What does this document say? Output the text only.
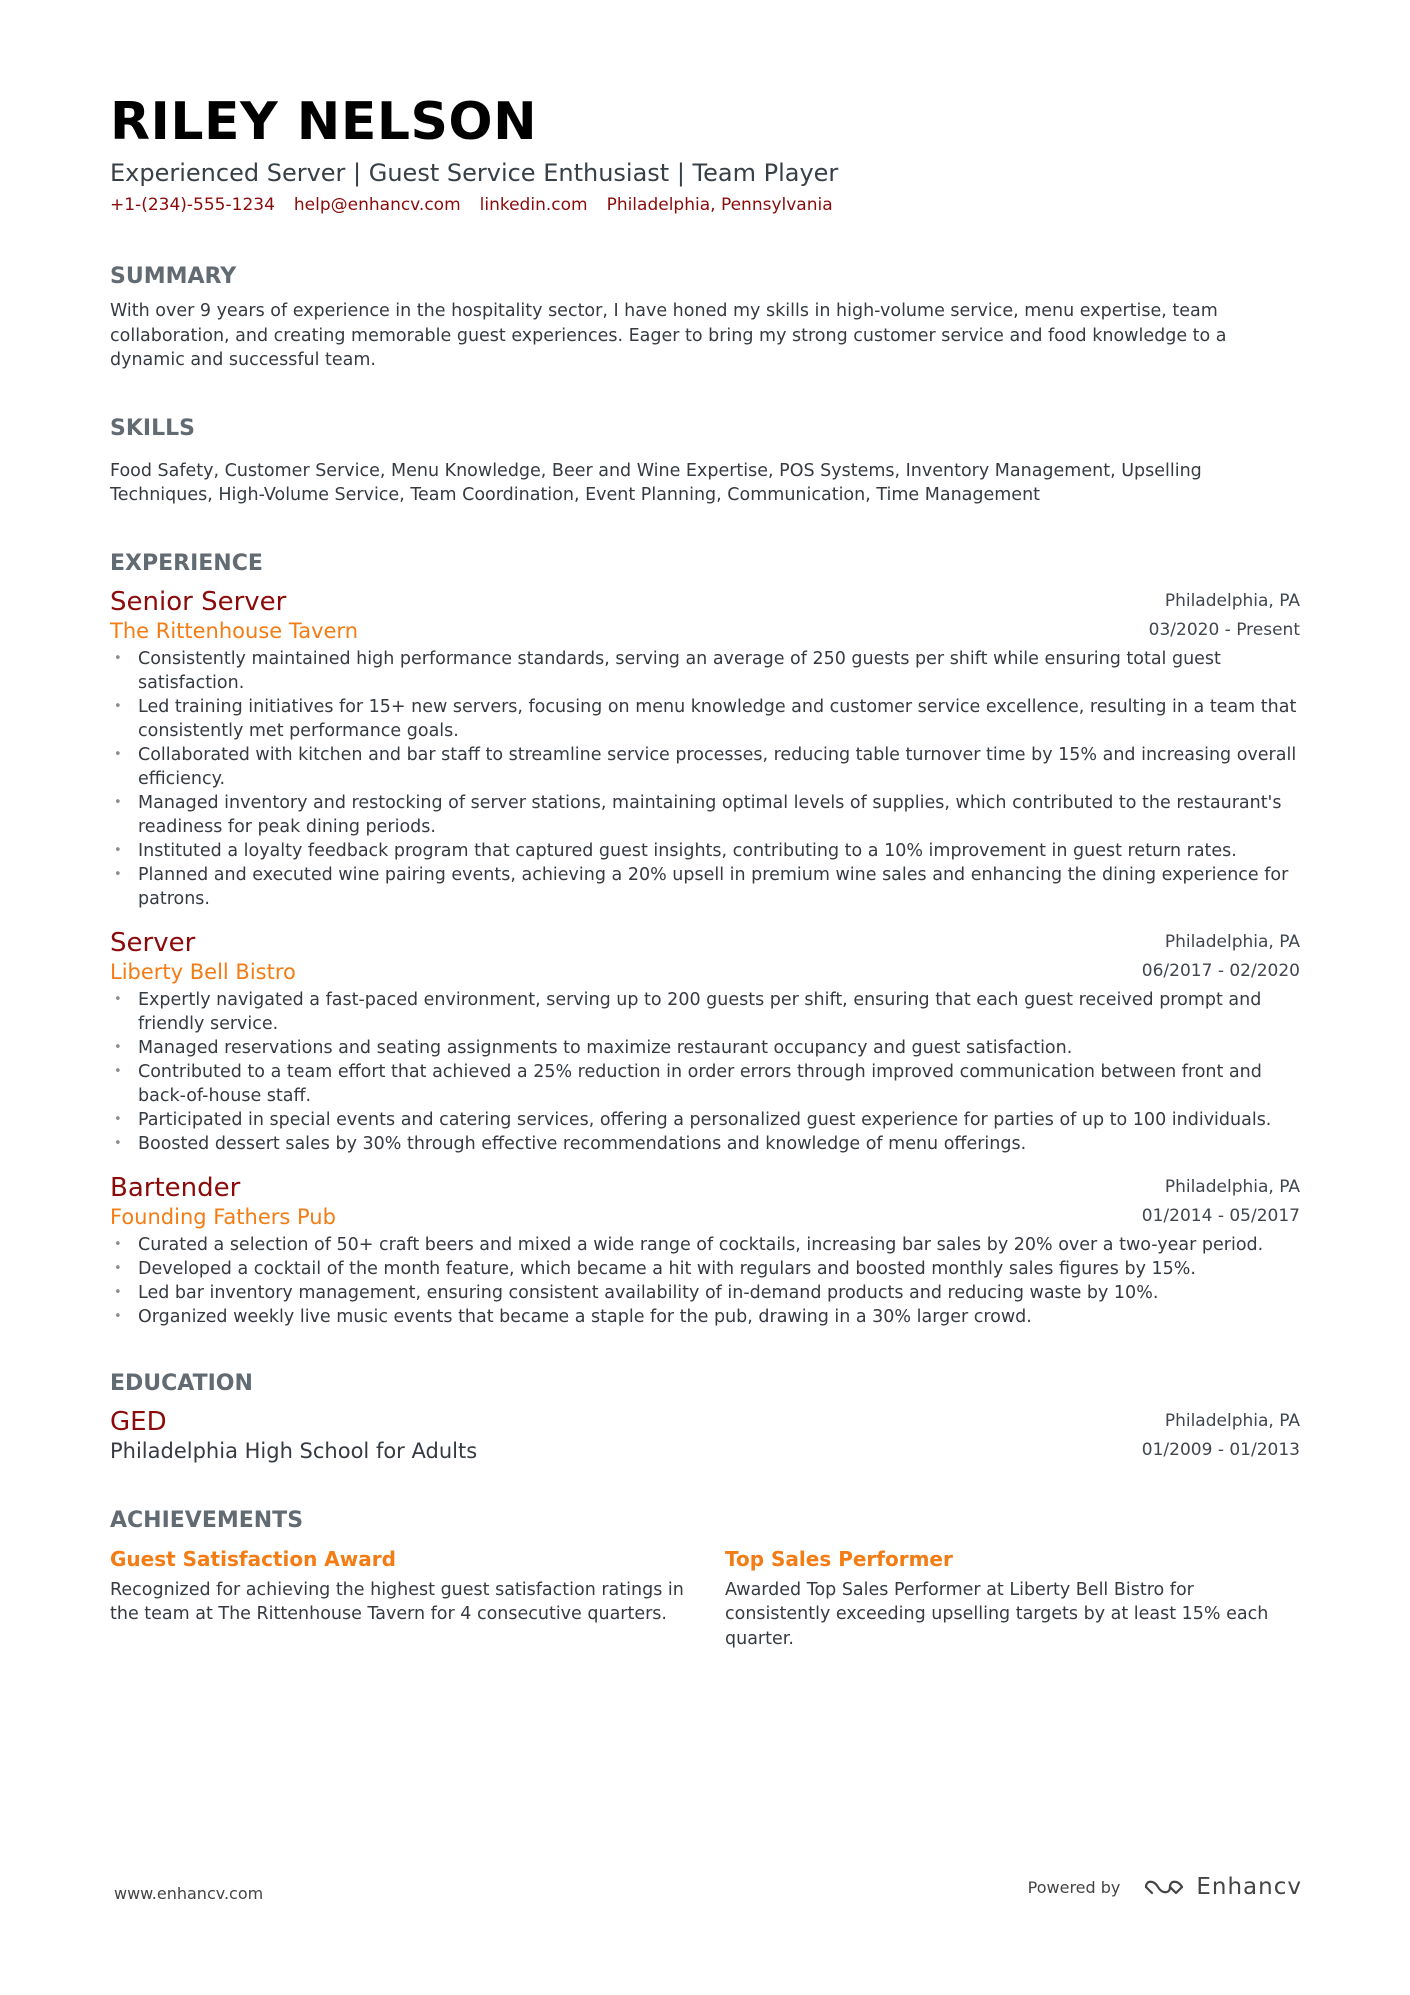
RILEY NELSON
Experienced Server | Guest Service Enthusiast | Team Player
+1-(234)-555-1234 help@enhancv.com linkedin.com Philadelphia, Pennsylvania
SUMMARY
With over 9 years of experience in the hospitality sector, I have honed my skills in high-volume service, menu expertise, team collaboration, and creating memorable guest experiences. Eager to bring my strong customer service and food knowledge to a dynamic and successful team.
SKILLS
Food Safety, Customer Service, Menu Knowledge, Beer and Wine Expertise, POS Systems, Inventory Management, Upselling Techniques, High-Volume Service, Team Coordination, Event Planning, Communication, Time Management
EXPERIENCE
Senior Server
The Rittenhouse Tavern
Philadelphia, PA
03/2020 - Present
• Consistently maintained high performance standards, serving an average of 250 guests per shift while ensuring total guest satisfaction.
• Led training initiatives for 15+ new servers, focusing on menu knowledge and customer service excellence, resulting in a team that consistently met performance goals.
• Collaborated with kitchen and bar staff to streamline service processes, reducing table turnover time by 15% and increasing overall efficiency.
• Managed inventory and restocking of server stations, maintaining optimal levels of supplies, which contributed to the restaurant's readiness for peak dining periods.
• Instituted a loyalty feedback program that captured guest insights, contributing to a 10% improvement in guest return rates.
• Planned and executed wine pairing events, achieving a 20% upsell in premium wine sales and enhancing the dining experience for patrons.
Server
Liberty Bell Bistro
Philadelphia, PA
06/2017 - 02/2020
• Expertly navigated a fast-paced environment, serving up to 200 guests per shift, ensuring that each guest received prompt and friendly service.
• Managed reservations and seating assignments to maximize restaurant occupancy and guest satisfaction.
• Contributed to a team effort that achieved a 25% reduction in order errors through improved communication between front and back-of-house staff.
• Participated in special events and catering services, offering a personalized guest experience for parties of up to 100 individuals.
• Boosted dessert sales by 30% through effective recommendations and knowledge of menu offerings.
Bartender
Founding Fathers Pub
Philadelphia, PA
01/2014 - 05/2017
• Curated a selection of 50+ craft beers and mixed a wide range of cocktails, increasing bar sales by 20% over a two-year period.
• Developed a cocktail of the month feature, which became a hit with regulars and boosted monthly sales figures by 15%.
• Led bar inventory management, ensuring consistent availability of in-demand products and reducing waste by 10%.
• Organized weekly live music events that became a staple for the pub, drawing in a 30% larger crowd.
EDUCATION
GED
Philadelphia High School for Adults
Philadelphia, PA
01/2009 - 01/2013
ACHIEVEMENTS
Guest Satisfaction Award
Recognized for achieving the highest guest satisfaction ratings in the team at The Rittenhouse Tavern for 4 consecutive quarters.
Top Sales Performer
Awarded Top Sales Performer at Liberty Bell Bistro for consistently exceeding upselling targets by at least 15% each quarter.
www.enhancv.com	Powered by	Enhancv
